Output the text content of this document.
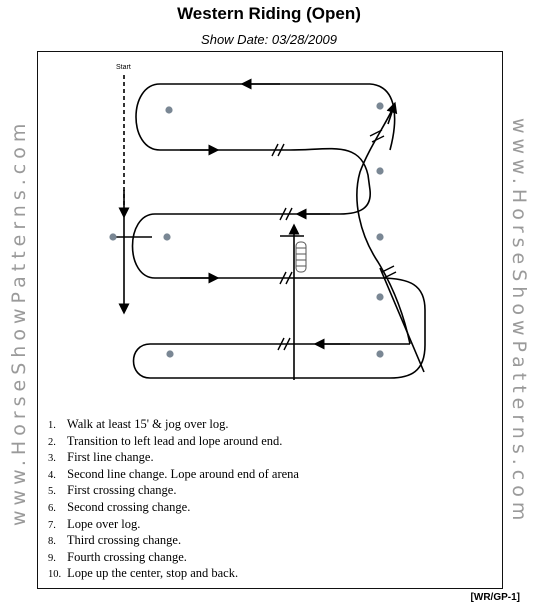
Western Riding (Open)
Show Date: 03/28/2009
www.HorseShowPatterns.com	www.HorseShowPatterns.com
Start
1. Walk at least 15' & jog over log.
2. Transition to left lead and lope around end.
3. First line change.
4. Second line change. Lope around end of arena
5. First crossing change.
6. Second crossing change.
7. Lope over log.
8. Third crossing change.
9. Fourth crossing change.
10. Lope up the center, stop and back.
[WR/GP-1]
